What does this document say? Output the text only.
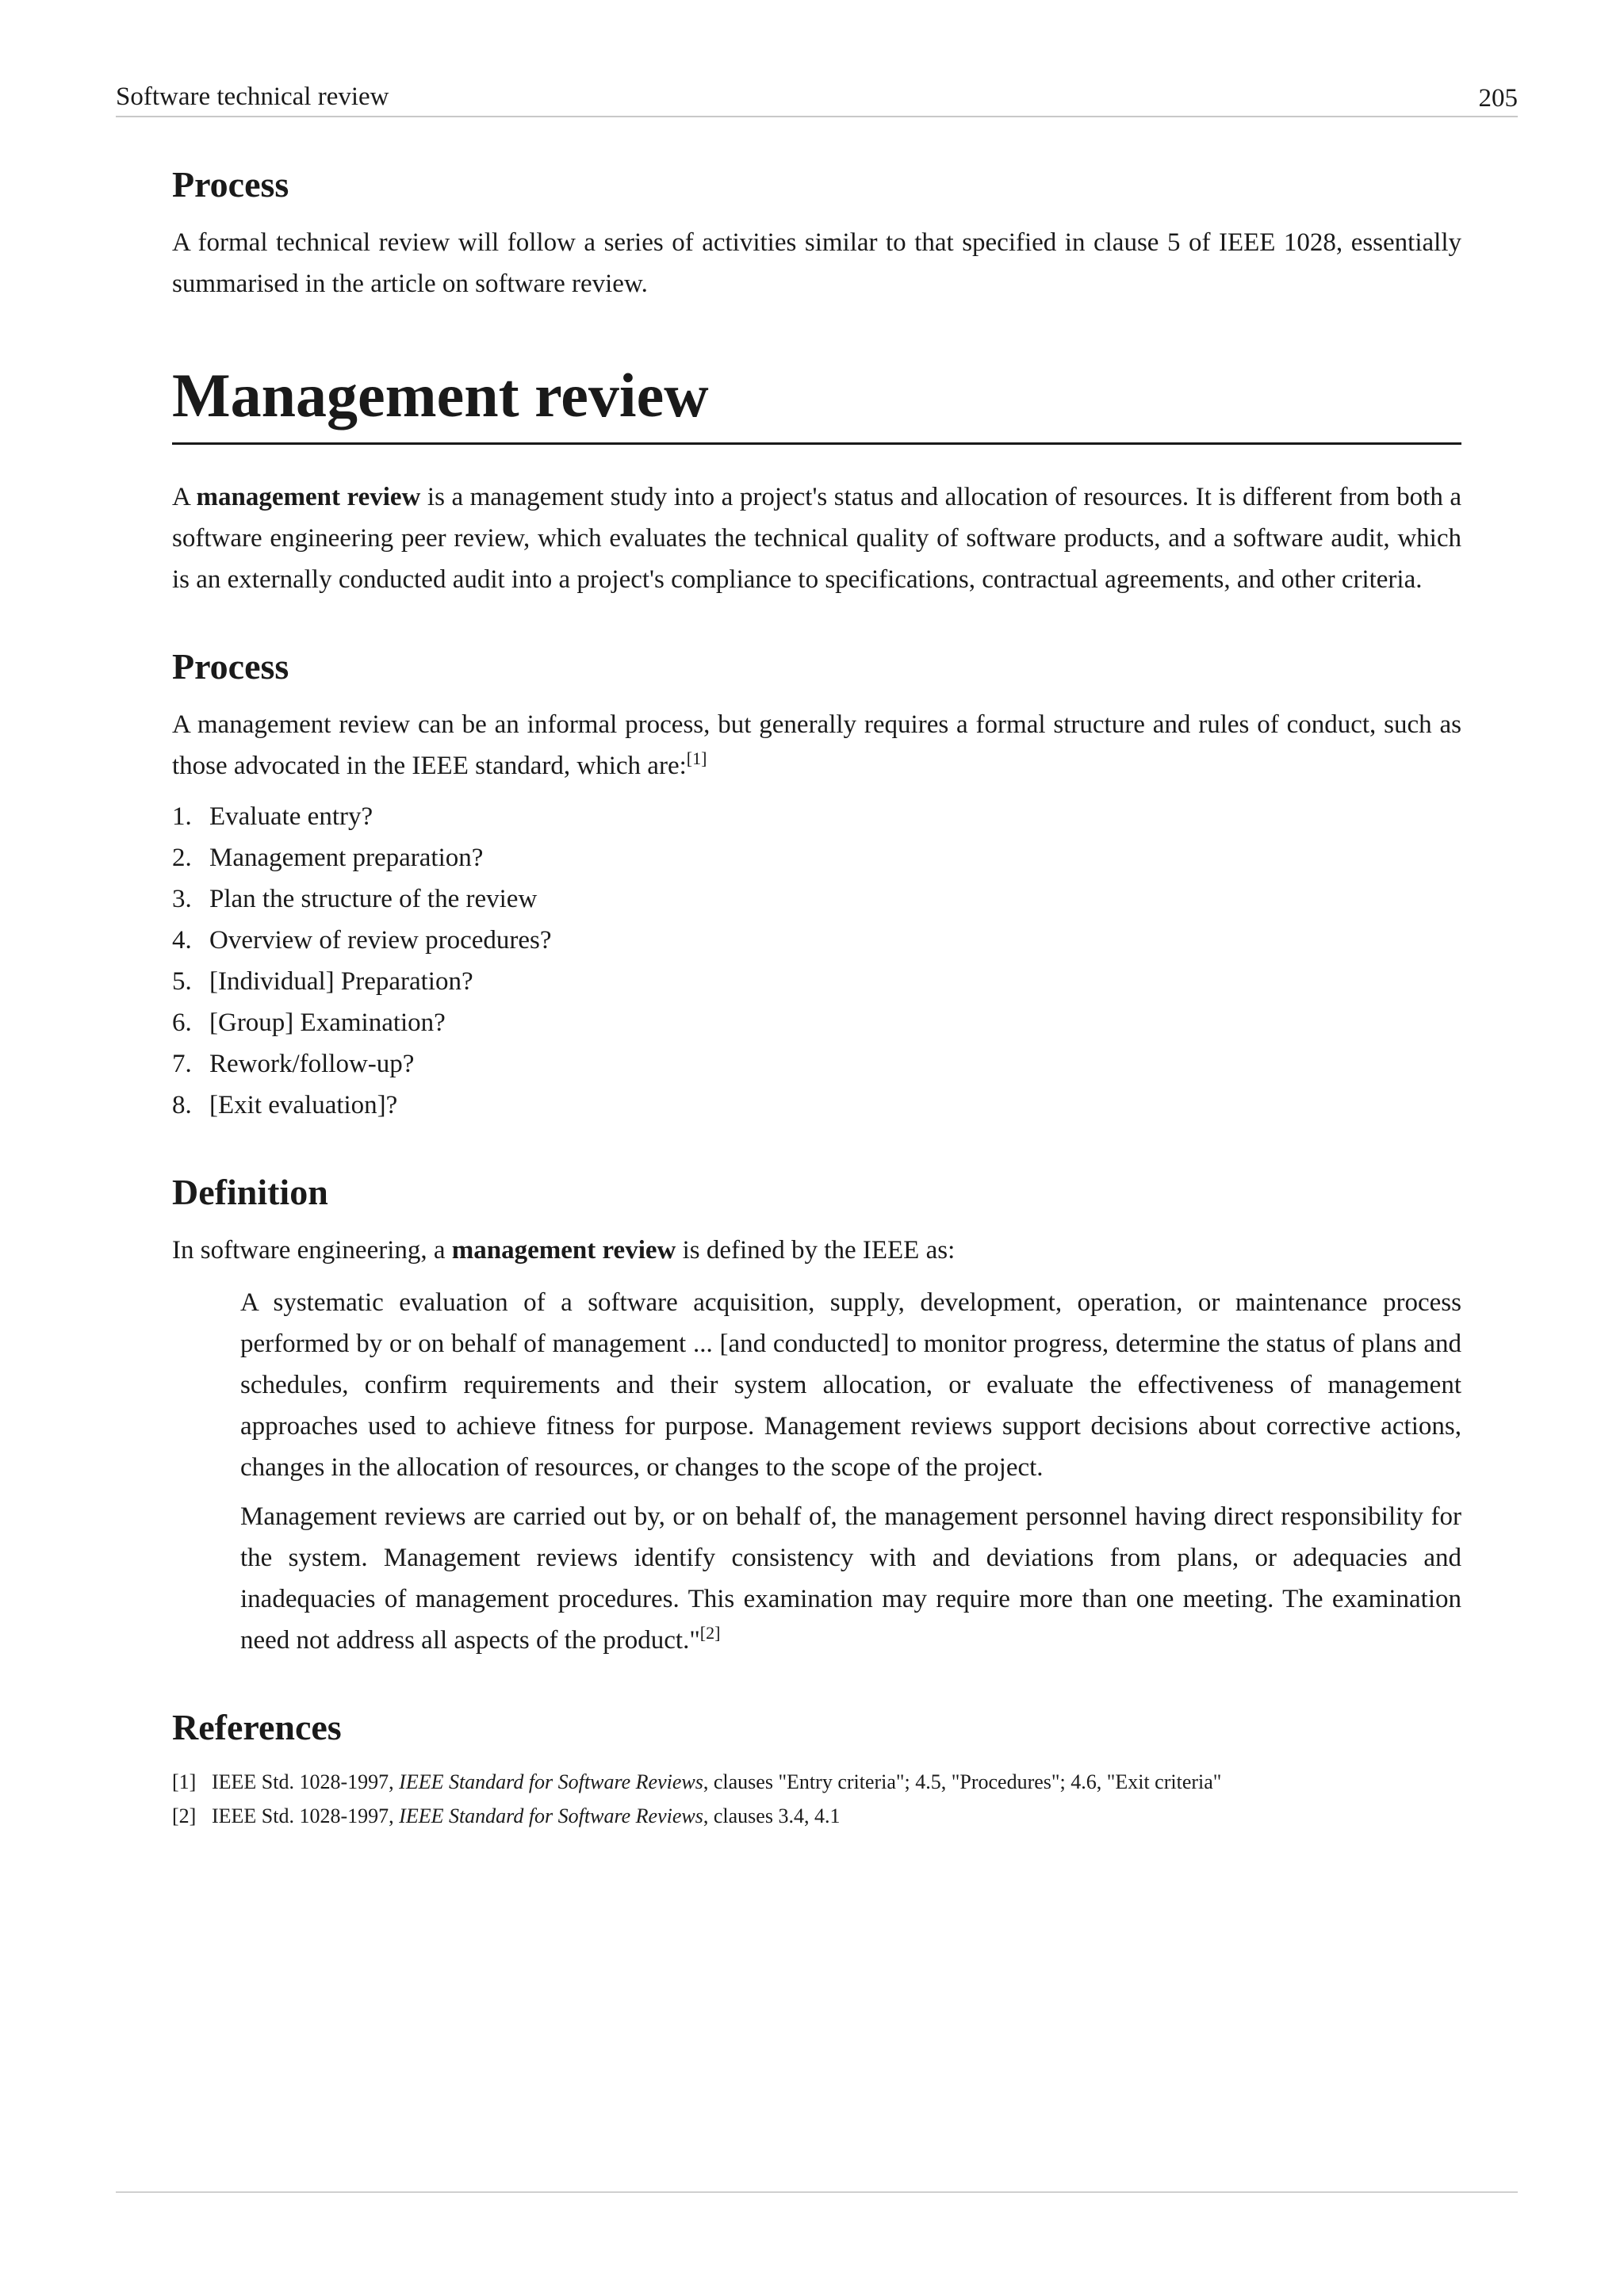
Software technical review	205
Process

A formal technical review will follow a series of activities similar to that specified in clause 5 of IEEE 1028, essentially summarised in the article on software review.

Management review

A management review is a management study into a project's status and allocation of resources. It is different from both a software engineering peer review, which evaluates the technical quality of software products, and a software audit, which is an externally conducted audit into a project's compliance to specifications, contractual agreements, and other criteria.

Process

A management review can be an informal process, but generally requires a formal structure and rules of conduct, such as those advocated in the IEEE standard, which are:[1]

1. Evaluate entry?
2. Management preparation?
3. Plan the structure of the review
4. Overview of review procedures?
5. [Individual] Preparation?
6. [Group] Examination?
7. Rework/follow-up?
8. [Exit evaluation]?
Definition

In software engineering, a management review is defined by the IEEE as:

A systematic evaluation of a software acquisition, supply, development, operation, or maintenance process performed by or on behalf of management ... [and conducted] to monitor progress, determine the status of plans and schedules, confirm requirements and their system allocation, or evaluate the effectiveness of management approaches used to achieve fitness for purpose. Management reviews support decisions about corrective actions, changes in the allocation of resources, or changes to the scope of the project.

Management reviews are carried out by, or on behalf of, the management personnel having direct responsibility for the system. Management reviews identify consistency with and deviations from plans, or adequacies and inadequacies of management procedures. This examination may require more than one meeting. The examination need not address all aspects of the product."[2]

References
[1] IEEE Std. 1028-1997, IEEE Standard for Software Reviews, clauses "Entry criteria"; 4.5, "Procedures"; 4.6, "Exit criteria"
[2] IEEE Std. 1028-1997, IEEE Standard for Software Reviews, clauses 3.4, 4.1
